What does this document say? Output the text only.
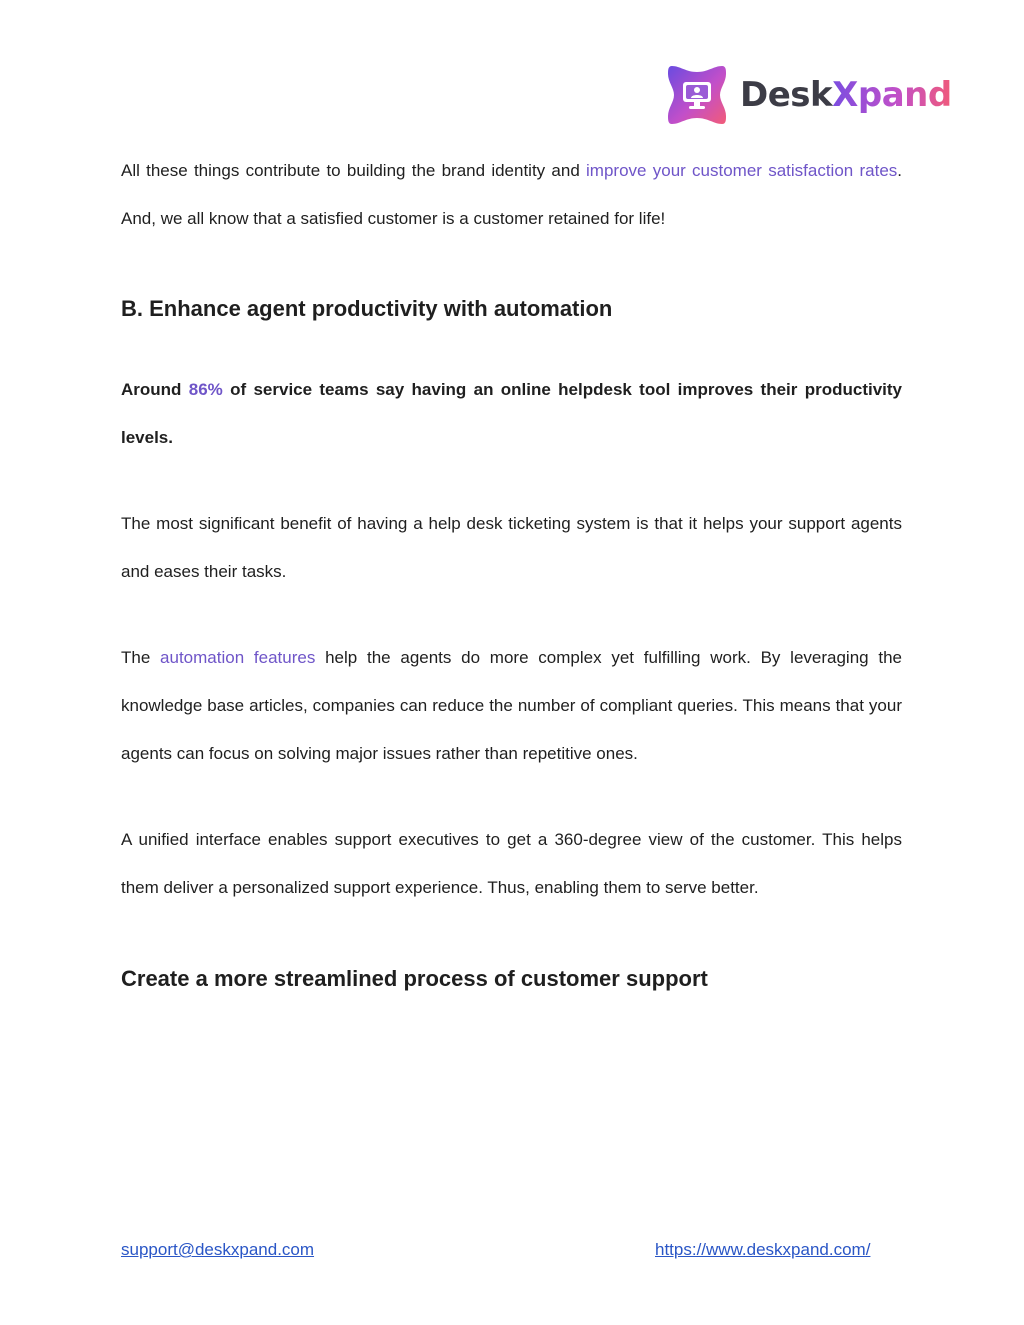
DeskXpand

All these things contribute to building the brand identity and improve your customer satisfaction rates. And, we all know that a satisfied customer is a customer retained for life!

B. Enhance agent productivity with automation

Around 86% of service teams say having an online helpdesk tool improves their productivity levels.

The most significant benefit of having a help desk ticketing system is that it helps your support agents and eases their tasks.

The automation features help the agents do more complex yet fulfilling work. By leveraging the knowledge base articles, companies can reduce the number of compliant queries. This means that your agents can focus on solving major issues rather than repetitive ones.

A unified interface enables support executives to get a 360-degree view of the customer. This helps them deliver a personalized support experience. Thus, enabling them to serve better.

Create a more streamlined process of customer support
support@deskxpand.com	https://www.deskxpand.com/
